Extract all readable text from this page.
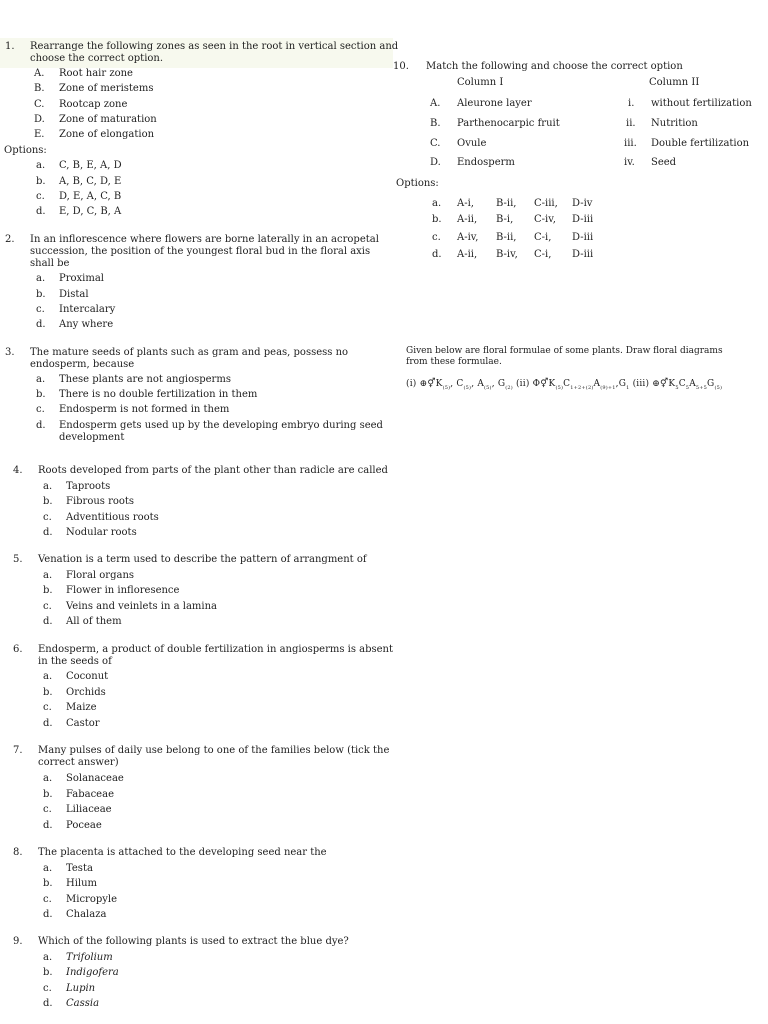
1. Rearrange the following zones as seen in the root in vertical section and
choose the correct option.
A. Root hair zone
B. Zone of meristems
C. Rootcap zone
D. Zone of maturation
E. Zone of elongation
Options:
a. C, B, E, A, D
b. A, B, C, D, E
c. D, E, A, C, B
d. E, D, C, B, A
2. In an inflorescence where flowers are borne laterally in an acropetal
succession, the position of the youngest floral bud in the floral axis
shall be
a. Proximal
b. Distal
c. Intercalary
d. Any where
3. The mature seeds of plants such as gram and peas, possess no
endosperm, because
a. These plants are not angiosperms
b. There is no double fertilization in them
c. Endosperm is not formed in them
d. Endosperm gets used up by the developing embryo during seed
development
4. Roots developed from parts of the plant other than radicle are called
a. Taproots
b. Fibrous roots
c. Adventitious roots
d. Nodular roots
5. Venation is a term used to describe the pattern of arrangment of
a. Floral organs
b. Flower in infloresence
c. Veins and veinlets in a lamina
d. All of them
6. Endosperm, a product of double fertilization in angiosperms is absent
in the seeds of
a. Coconut
b. Orchids
c. Maize
d. Castor
7. Many pulses of daily use belong to one of the families below (tick the
correct answer)
a. Solanaceae
b. Fabaceae
c. Liliaceae
d. Poceae
8. The placenta is attached to the developing seed near the
a. Testa
b. Hilum
c. Micropyle
d. Chalaza
9. Which of the following plants is used to extract the blue dye?
a. Trifolium
b. Indigofera
c. Lupin
d. Cassia
10. Match the following and choose the correct option
Column I	Column II
A. Aleurone layer
B. Parthenocarpic fruit
C. Ovule
D. Endosperm
i. without fertilization
ii. Nutrition
iii. Double fertilization
iv. Seed
Options:
a. A-i, B-ii, C-iii, D-iv
b. A-ii, B-i, C-iv, D-iii
c. A-iv, B-ii, C-i, D-iii
d. A-ii, B-iv, C-i, D-iii
Given below are floral formulae of some plants. Draw floral diagrams
from these formulae.
(i) $\oplus⚥K_{(5)}$, $C_{(5)}$, $A_{(5)}$, $G_{(2)}$ (ii) $\Phi⚥K_{(5)}C_{1+2+(2)}A_{(9)+1},G_1$ (iii) $\oplus⚥K_5C_5A_{5+5}G_{(5)}$
